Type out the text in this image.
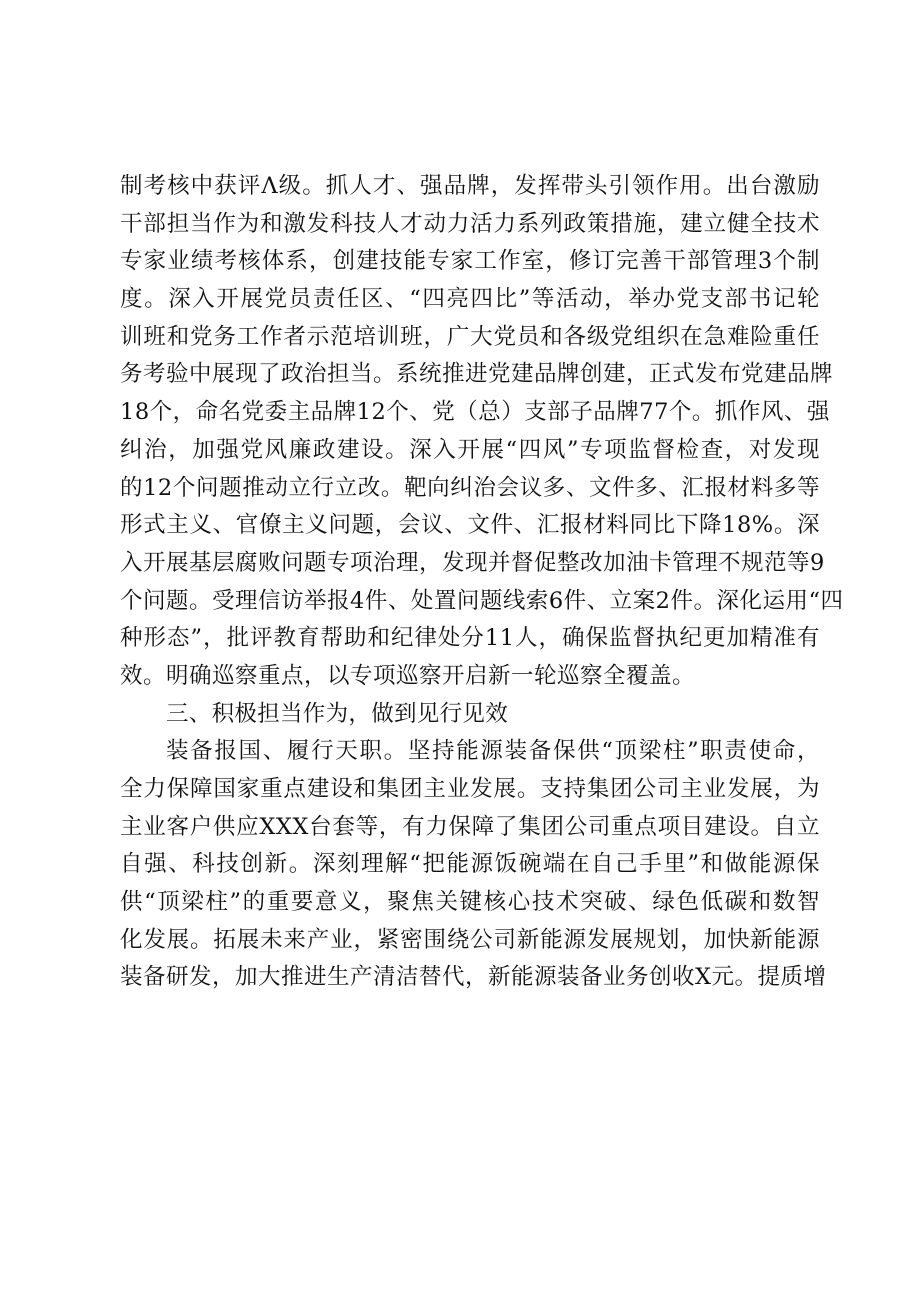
制考核中获评Λ级。抓人才、强品牌，发挥带头引领作用。出台激励
干部担当作为和激发科技人才动力活力系列政策措施，建立健全技术
专家业绩考核体系，创建技能专家工作室，修订完善干部管理3个制
度。深入开展党员责任区、“四亮四比”等活动，举办党支部书记轮
训班和党务工作者示范培训班，广大党员和各级党组织在急难险重任
务考验中展现了政治担当。系统推进党建品牌创建，正式发布党建品牌
18个，命名党委主品牌12个、党（总）支部子品牌77个。抓作风、强
纠治，加强党风廉政建设。深入开展“四风”专项监督检查，对发现
的12个问题推动立行立改。靶向纠治会议多、文件多、汇报材料多等
形式主义、官僚主义问题，会议、文件、汇报材料同比下降18%。深
入开展基层腐败问题专项治理，发现并督促整改加油卡管理不规范等9
个问题。受理信访举报4件、处置问题线索6件、立案2件。深化运用“四
种形态”，批评教育帮助和纪律处分11人，确保监督执纪更加精准有
效。明确巡察重点，以专项巡察开启新一轮巡察全覆盖。
三、积极担当作为，做到见行见效
装备报国、履行天职。坚持能源装备保供“顶梁柱”职责使命，
全力保障国家重点建设和集团主业发展。支持集团公司主业发展，为
主业客户供应XXX台套等，有力保障了集团公司重点项目建设。自立
自强、科技创新。深刻理解“把能源饭碗端在自己手里”和做能源保
供“顶梁柱”的重要意义，聚焦关键核心技术突破、绿色低碳和数智
化发展。拓展未来产业，紧密围绕公司新能源发展规划，加快新能源
装备研发，加大推进生产清洁替代，新能源装备业务创收X元。提质增
